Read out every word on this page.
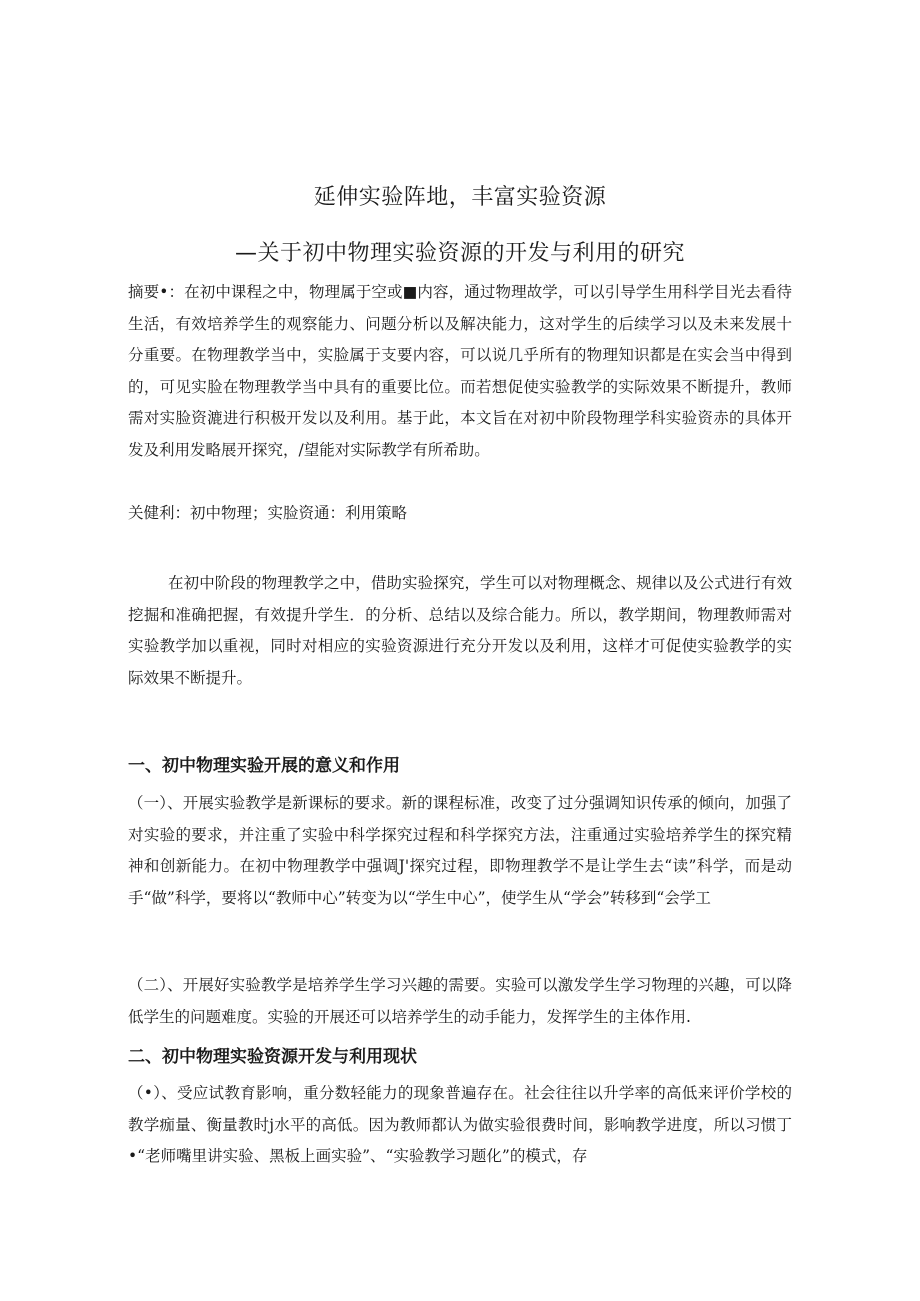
延伸实验阵地，丰富实验资源
—关于初中物理实验资源的开发与利用的研究

摘要•：在初中课程之中，物理属于空或■内容，通过物理故学，可以引导学生用科学目光去看待生活，有效培养学生的观察能力、问题分析以及解决能力，这对学生的后续学习以及未来发展十分重要。在物理教学当中，实脸属于支要内容，可以说几乎所有的物理知识都是在实会当中得到的，可见实脸在物理教学当中具有的重要比位。而若想促使实验教学的实际效果不断提升，教师需对实脸资漉进行积极开发以及利用。基于此，本文旨在对初中阶段物理学科实验资赤的具体开发及利用发略展开探究，/望能对实际教学有所希助。

关健利：初中物理；实脸资通：利用策略

在初中阶段的物理教学之中，借助实验探究，学生可以对物理概念、规律以及公式进行有效挖掘和准确把握，有效提升学生．的分析、总结以及综合能力。所以，教学期间，物理教师需对实验教学加以重视，同时对相应的实验资源进行充分开发以及利用，这样才可促使实验教学的实际效果不断提升。

一、初中物理实验开展的意义和作用

（一）、开展实验教学是新课标的要求。新的课程标准，改变了过分强调知识传承的倾向，加强了对实验的要求，并注重了实验中科学探究过程和科学探究方法，注重通过实验培养学生的探究精神和创新能力。在初中物理教学中强调J'探究过程，即物理教学不是让学生去“读”科学，而是动手“做”科学，要将以“教师中心”转变为以“学生中心”，使学生从“学会”转移到“会学工

（二）、开展好实验教学是培养学生学习兴趣的需要。实验可以激发学生学习物理的兴趣，可以降低学生的问题难度。实验的开展还可以培养学生的动手能力，发挥学生的主体作用.

二、初中物理实验资源开发与利用现状

（•）、受应试教育影响，重分数轻能力的现象普遍存在。社会往往以升学率的高低来评价学校的教学痂量、衡量教时j水平的高低。因为教师都认为做实验很费时间，影响教学进度，所以习惯丁•“老师嘴里讲实验、黑板上画实验”、“实验教学习题化”的模式，存
